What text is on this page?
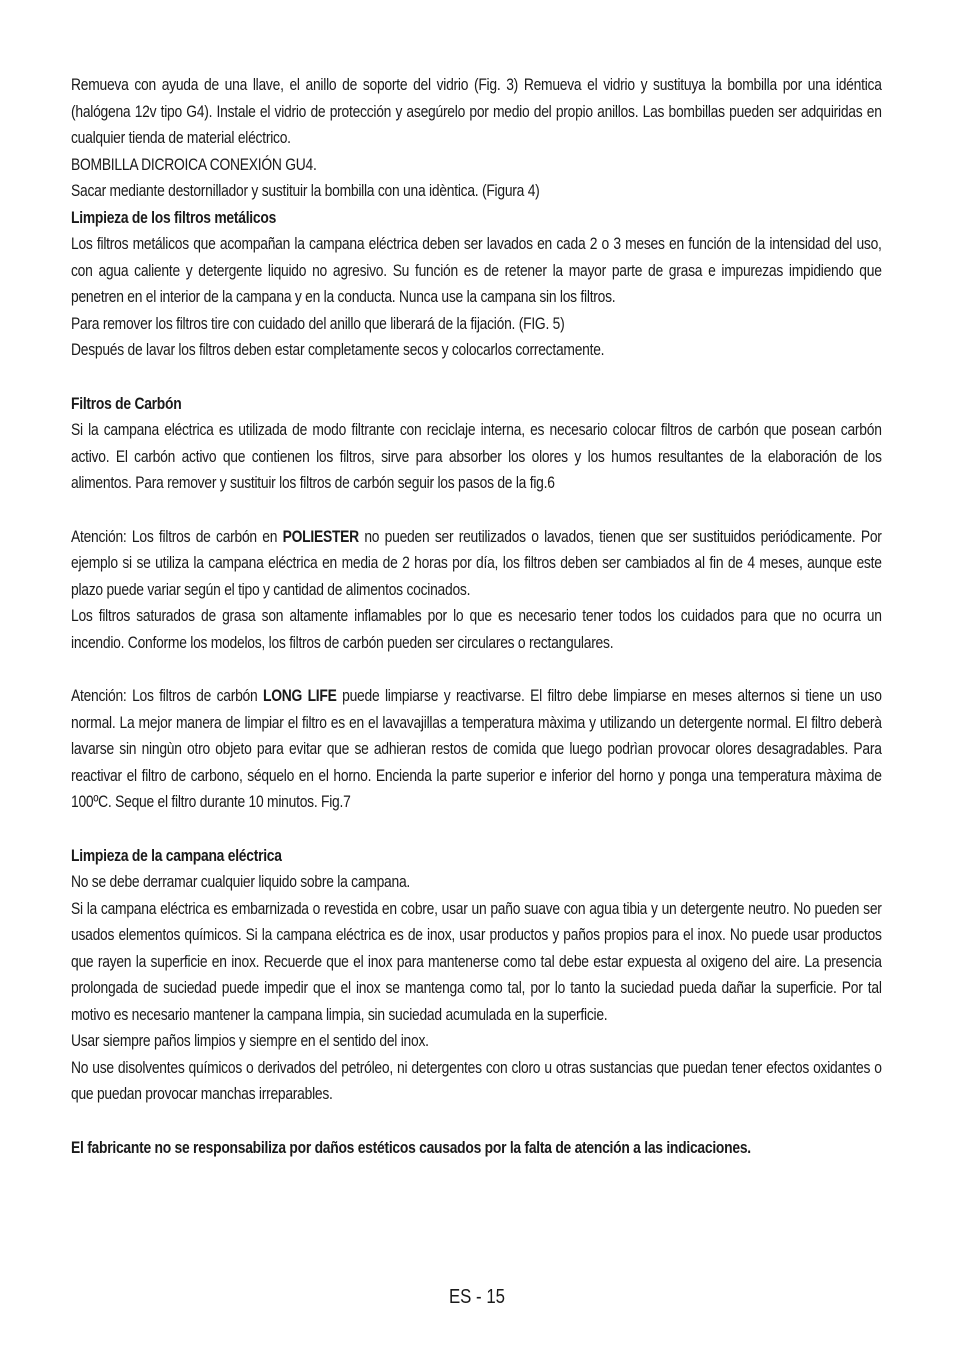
Remueva con ayuda de una llave, el anillo de soporte del vidrio (Fig. 3) Remueva el vidrio y sustituya la bombilla por una idéntica (halógena 12v tipo G4). Instale el vidrio de protección y asegúrelo por medio del propio anillos. Las bombillas pueden ser adquiridas en cualquier tienda de material eléctrico.

BOMBILLA DICROICA CONEXIÓN GU4.

Sacar mediante destornillador y sustituir la bombilla con una idèntica. (Figura 4)

Limpieza de los filtros metálicos

Los filtros metálicos que acompañan la campana eléctrica deben ser lavados en cada 2 o 3 meses en función de la intensidad del uso, con agua caliente y detergente liquido no agresivo. Su función es de retener la mayor parte de grasa e impurezas impidiendo que penetren en el interior de la campana y en la conducta. Nunca use la campana sin los filtros.

Para remover los filtros tire con cuidado del anillo que liberará de la fijación. (FIG. 5)

Después de lavar los filtros deben estar completamente secos y colocarlos correctamente.

Filtros de Carbón

Si la campana eléctrica es utilizada de modo filtrante con reciclaje interna, es necesario colocar filtros de carbón que posean carbón activo. El carbón activo que contienen los filtros, sirve para absorber los olores y los humos resultantes de la elaboración de los alimentos. Para remover y sustituir los filtros de carbón seguir los pasos de la fig.6

Atención: Los filtros de carbón en POLIESTER no pueden ser reutilizados o lavados, tienen que ser sustituidos periódicamente. Por ejemplo si se utiliza la campana eléctrica en media de 2 horas por día, los filtros deben ser cambiados al fin de 4 meses, aunque este plazo puede variar según el tipo y cantidad de alimentos cocinados.

Los filtros saturados de grasa son altamente inflamables por lo que es necesario tener todos los cuidados para que no ocurra un incendio. Conforme los modelos, los filtros de carbón pueden ser circulares o rectangulares.

Atención: Los filtros de carbón LONG LIFE puede limpiarse y reactivarse. El filtro debe limpiarse en meses alternos si tiene un uso normal. La mejor manera de limpiar el filtro es en el lavavajillas a temperatura màxima y utilizando un detergente normal. El filtro deberà lavarse sin ningùn otro objeto para evitar que se adhieran restos de comida que luego podrìan provocar olores desagradables. Para reactivar el filtro de carbono, séquelo en el horno. Encienda la parte superior e inferior del horno y ponga una temperatura màxima de 100ºC. Seque el filtro durante 10 minutos. Fig.7

Limpieza de la campana eléctrica

No se debe derramar cualquier liquido sobre la campana.

Si la campana eléctrica es embarnizada o revestida en cobre, usar un paño suave con agua tibia y un detergente neutro. No pueden ser usados elementos químicos. Si la campana eléctrica es de inox, usar productos y paños propios para el inox. No puede usar productos que rayen la superficie en inox. Recuerde que el inox para mantenerse como tal debe estar expuesta al oxigeno del aire. La presencia prolongada de suciedad puede impedir que el inox se mantenga como tal, por lo tanto la suciedad pueda dañar la superficie. Por tal motivo es necesario mantener la campana limpia, sin suciedad acumulada en la superficie.

Usar siempre paños limpios y siempre en el sentido del inox.

No use disolventes químicos o derivados del petróleo, ni detergentes con cloro u otras sustancias que puedan tener efectos oxidantes o que puedan provocar manchas irreparables.

El fabricante no se responsabiliza por daños estéticos causados por la falta de atención a las indicaciones.

ES - 15
